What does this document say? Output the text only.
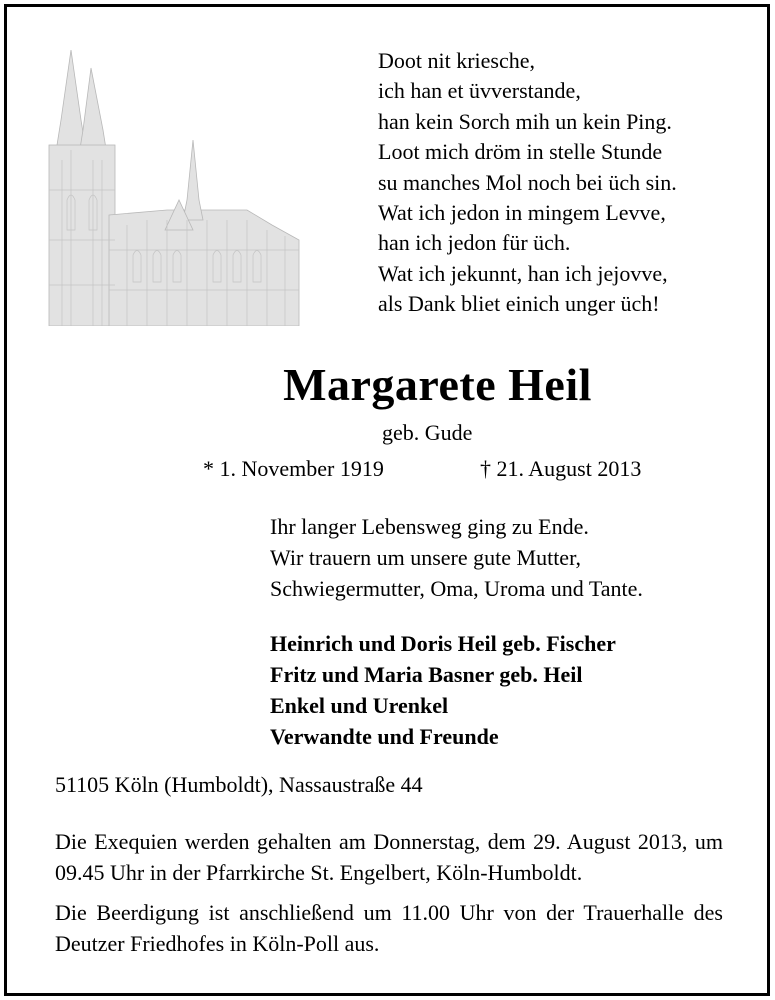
Doot nit kriesche,
ich han et üvverstande,
han kein Sorch mih un kein Ping.
Loot mich dröm in stelle Stunde
su manches Mol noch bei üch sin.
Wat ich jedon in mingem Levve,
han ich jedon für üch.
Wat ich jekunnt, han ich jejovve,
als Dank bliet einich unger üch!
Margarete Heil
geb. Gude
* 1. November 1919	† 21. August 2013
Ihr langer Lebensweg ging zu Ende.
Wir trauern um unsere gute Mutter,
Schwiegermutter, Oma, Uroma und Tante.
Heinrich und Doris Heil geb. Fischer
Fritz und Maria Basner geb. Heil
Enkel und Urenkel
Verwandte und Freunde
51105 Köln (Humboldt), Nassaustraße 44
Die Exequien werden gehalten am Donnerstag, dem 29. August 2013, um 09.45 Uhr in der Pfarrkirche St. Engelbert, Köln-Humboldt.
Die Beerdigung ist anschließend um 11.00 Uhr von der Trauerhalle des Deutzer Friedhofes in Köln-Poll aus.
